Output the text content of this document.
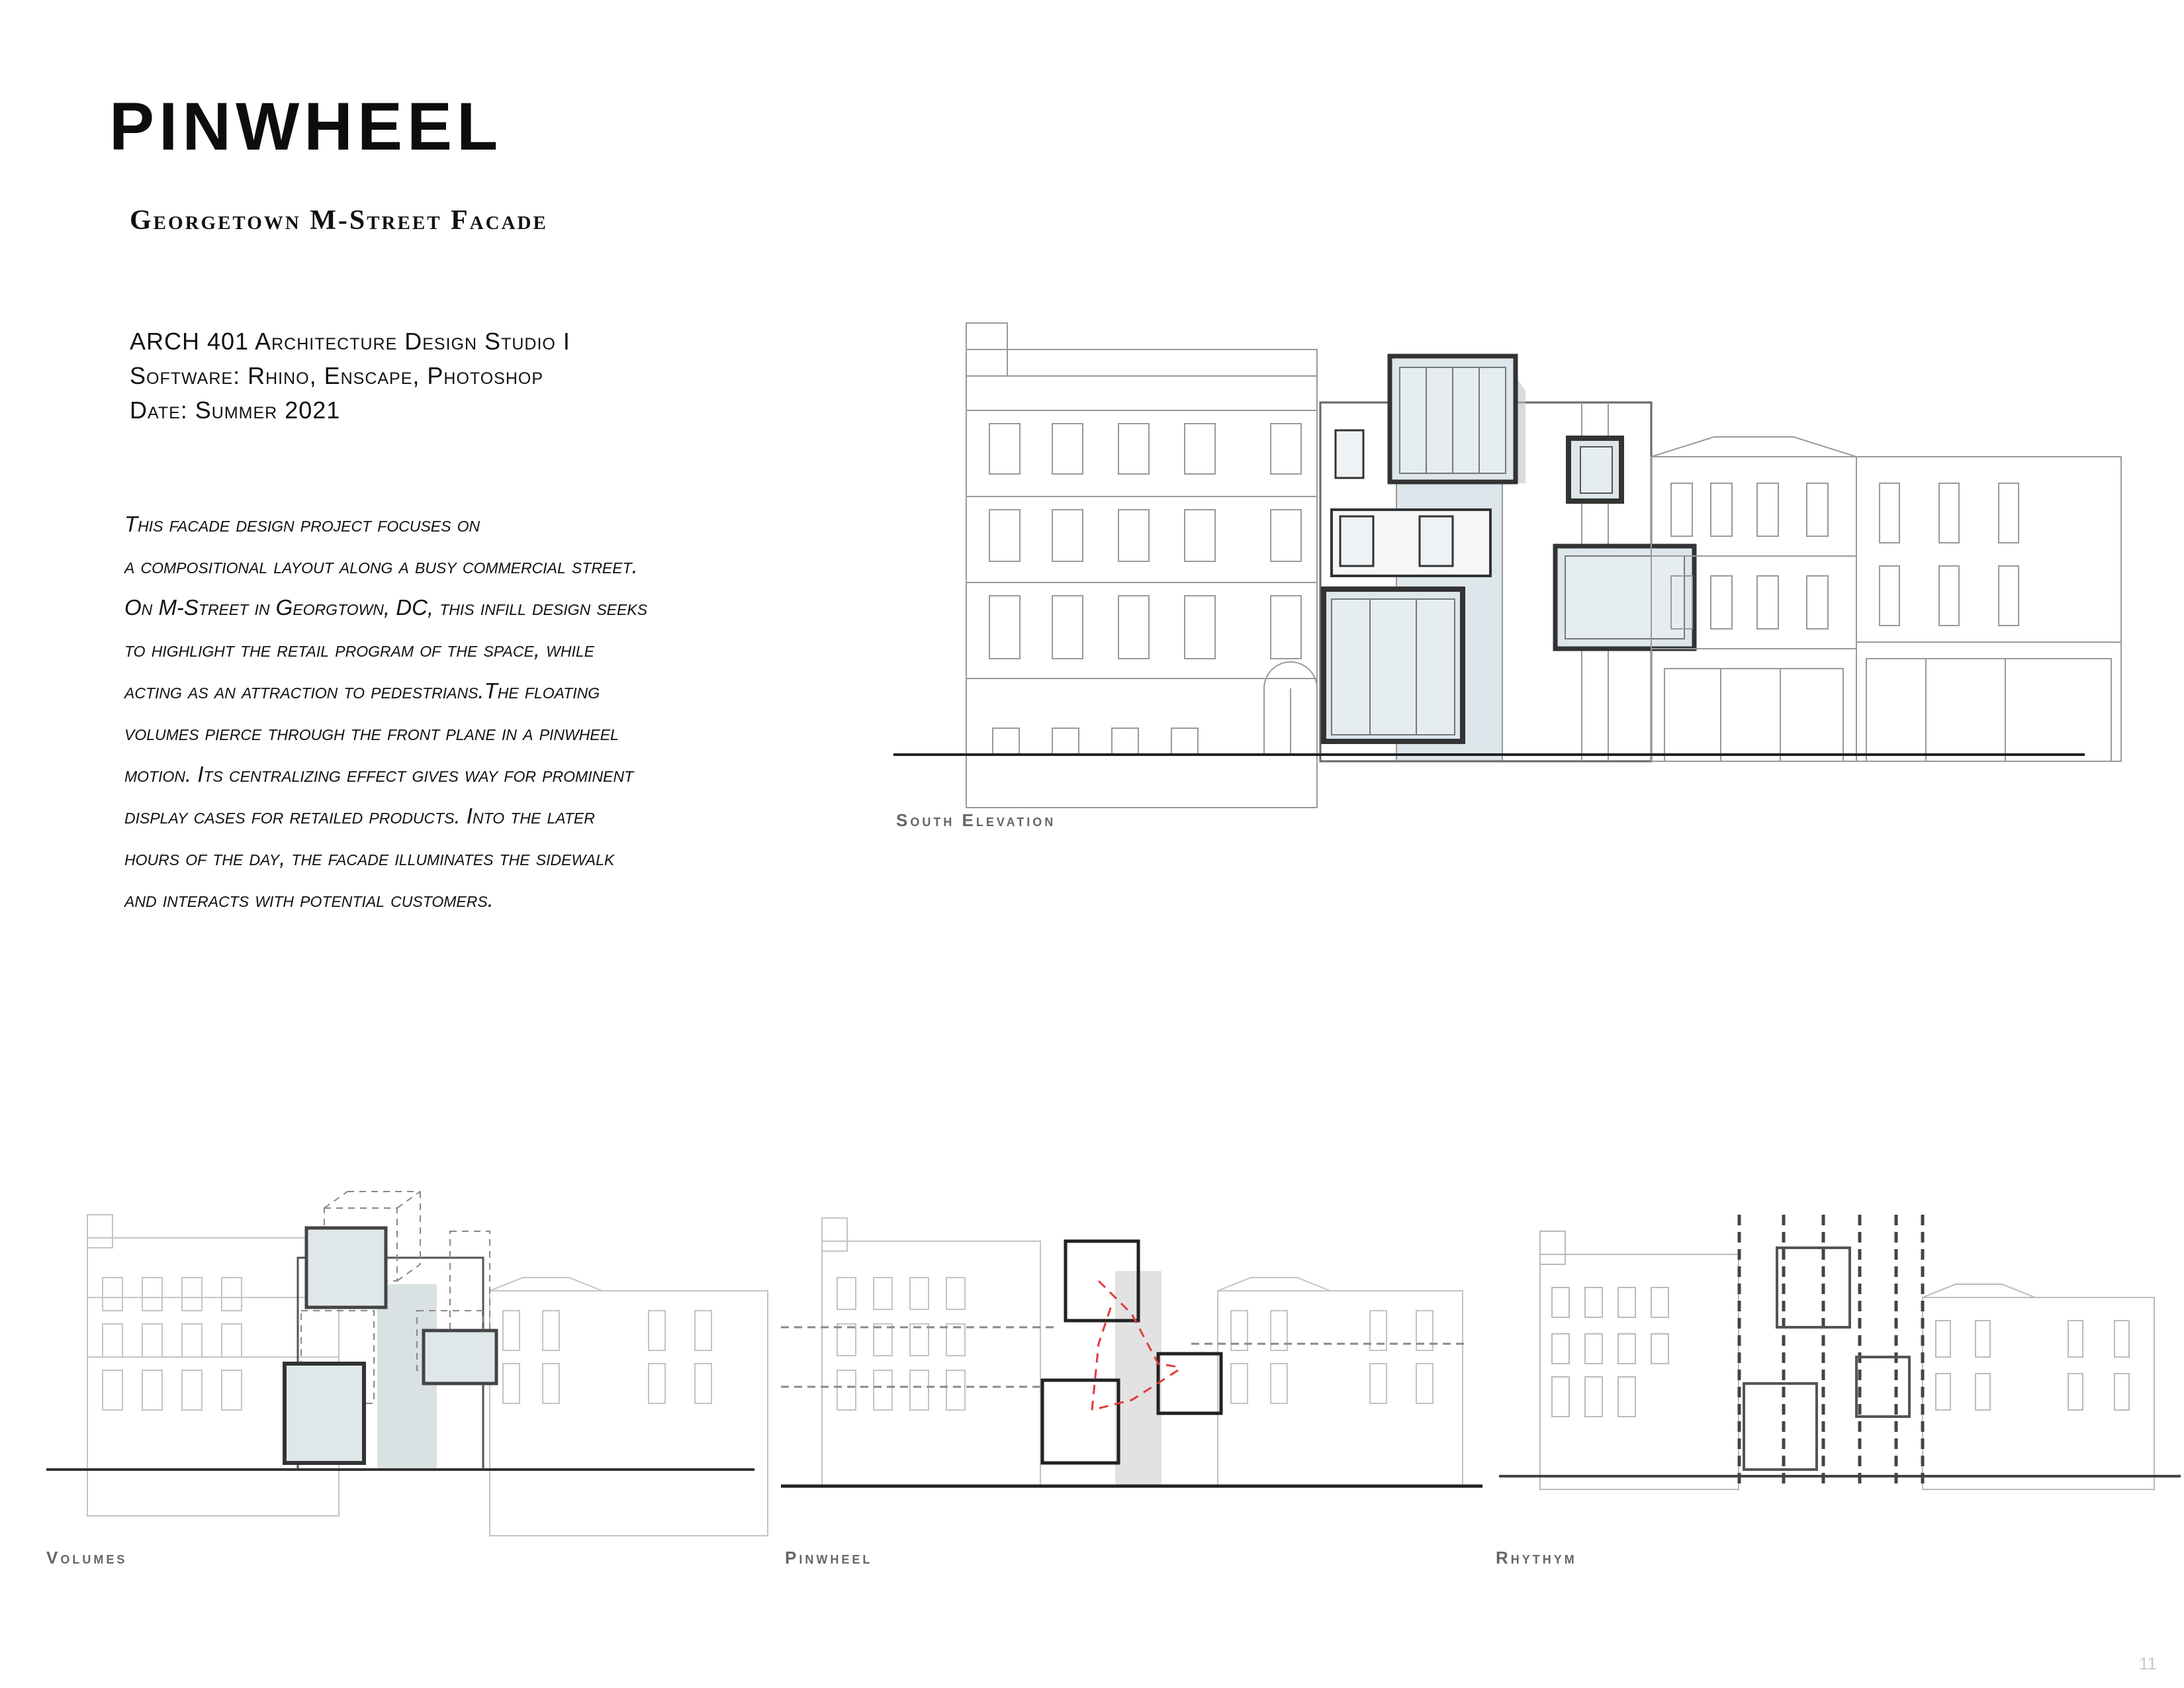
PINWHEEL
Georgetown M-Street Facade
ARCH 401 Architecture Design Studio I
Software: Rhino, Enscape, Photoshop
Date: Summer 2021
This facade design project focuses on
a compositional layout along a busy commercial street.
On M-Street in Georgtown, DC, this infill design seeks
to highlight the retail program of the space, while
acting as an attraction to pedestrians.The floating
volumes pierce through the front plane in a pinwheel
motion. Its centralizing effect gives way for prominent
display cases for retailed products. Into the later
hours of the day, the facade illuminates the sidewalk
and interacts with potential customers.
South Elevation
Volumes	Pinwheel	Rhythym
11
